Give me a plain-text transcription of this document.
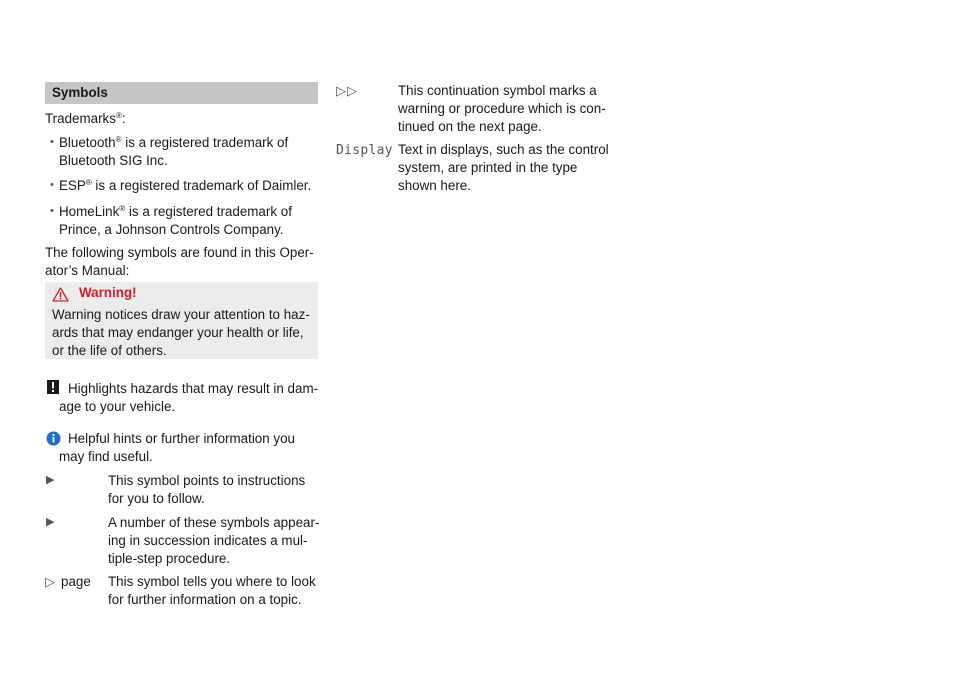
Symbols
Trademarks®:
• Bluetooth® is a registered trademark of
Bluetooth SIG Inc.
• ESP® is a registered trademark of Daimler.
• HomeLink® is a registered trademark of
Prince, a Johnson Controls Company.
The following symbols are found in this Oper-
ator’s Manual:
Warning!
Warning notices draw your attention to haz-
ards that may endanger your health or life,
or the life of others.
Highlights hazards that may result in dam-
age to your vehicle.
Helpful hints or further information you
may find useful.
▶	This symbol points to instructions
for you to follow.
▶	A number of these symbols appear-
ing in succession indicates a mul-
tiple-step procedure.
▷ page This symbol tells you where to look
for further information on a topic.
▷▷	This continuation symbol marks a
warning or procedure which is con-
tinued on the next page.
Display Text in displays, such as the control
system, are printed in the type
shown here.
